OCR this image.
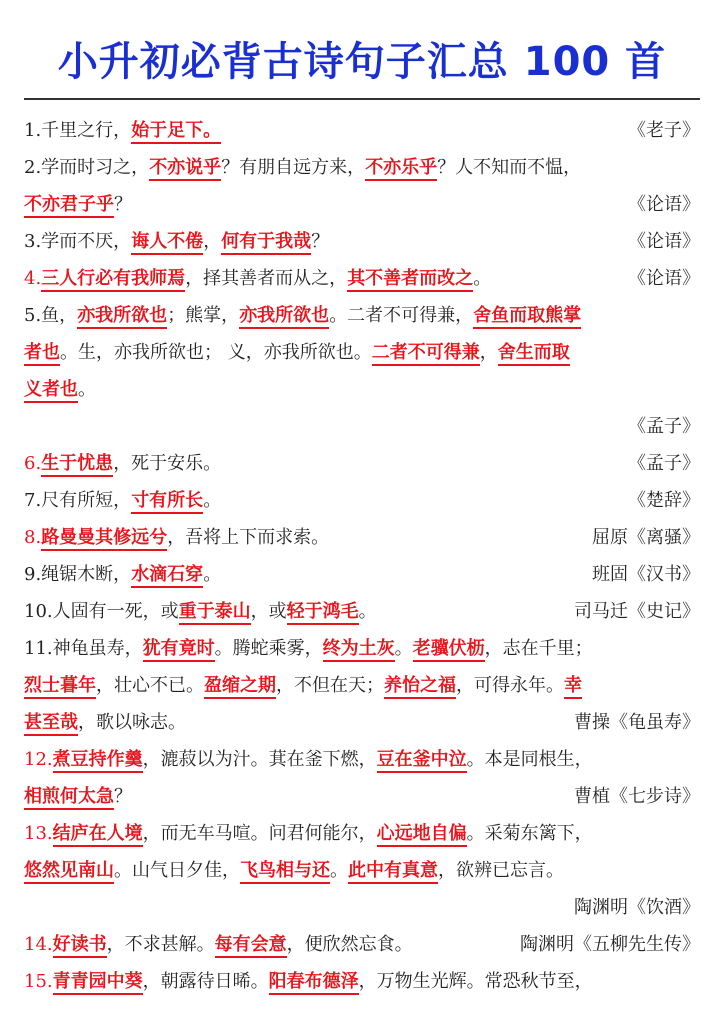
小升初必背古诗句子汇总 100 首
1.千里之行，始于足下。	《老子》
2.学而时习之，不亦说乎？有朋自远方来，不亦乐乎？人不知而不愠，
不亦君子乎？	《论语》
3.学而不厌，诲人不倦，何有于我哉？	《论语》
4.三人行必有我师焉，择其善者而从之，其不善者而改之。	《论语》
5.鱼，亦我所欲也；熊掌，亦我所欲也。二者不可得兼，舍鱼而取熊掌
者也。生，亦我所欲也； 义，亦我所欲也。二者不可得兼，舍生而取
义者也。
《孟子》
6.生于忧患，死于安乐。	《孟子》
7.尺有所短，寸有所长。	《楚辞》
8.路曼曼其修远兮，吾将上下而求索。	屈原《离骚》
9.绳锯木断，水滴石穿。	班固《汉书》
10.人固有一死，或重于泰山，或轻于鸿毛。	司马迁《史记》
11.神龟虽寿，犹有竟时。腾蛇乘雾，终为土灰。老骥伏枥，志在千里；
烈士暮年，壮心不已。盈缩之期，不但在天；养怡之福，可得永年。幸
甚至哉，歌以咏志。	曹操《龟虽寿》
12.煮豆持作羹，漉菽以为汁。萁在釜下燃，豆在釜中泣。本是同根生，
相煎何太急？	曹植《七步诗》
13.结庐在人境，而无车马喧。问君何能尔，心远地自偏。采菊东篱下，
悠然见南山。山气日夕佳，飞鸟相与还。此中有真意，欲辨已忘言。
陶渊明《饮酒》
14.好读书，不求甚解。每有会意，便欣然忘食。	陶渊明《五柳先生传》
15.青青园中葵，朝露待日晞。阳春布德泽，万物生光辉。常恐秋节至，
